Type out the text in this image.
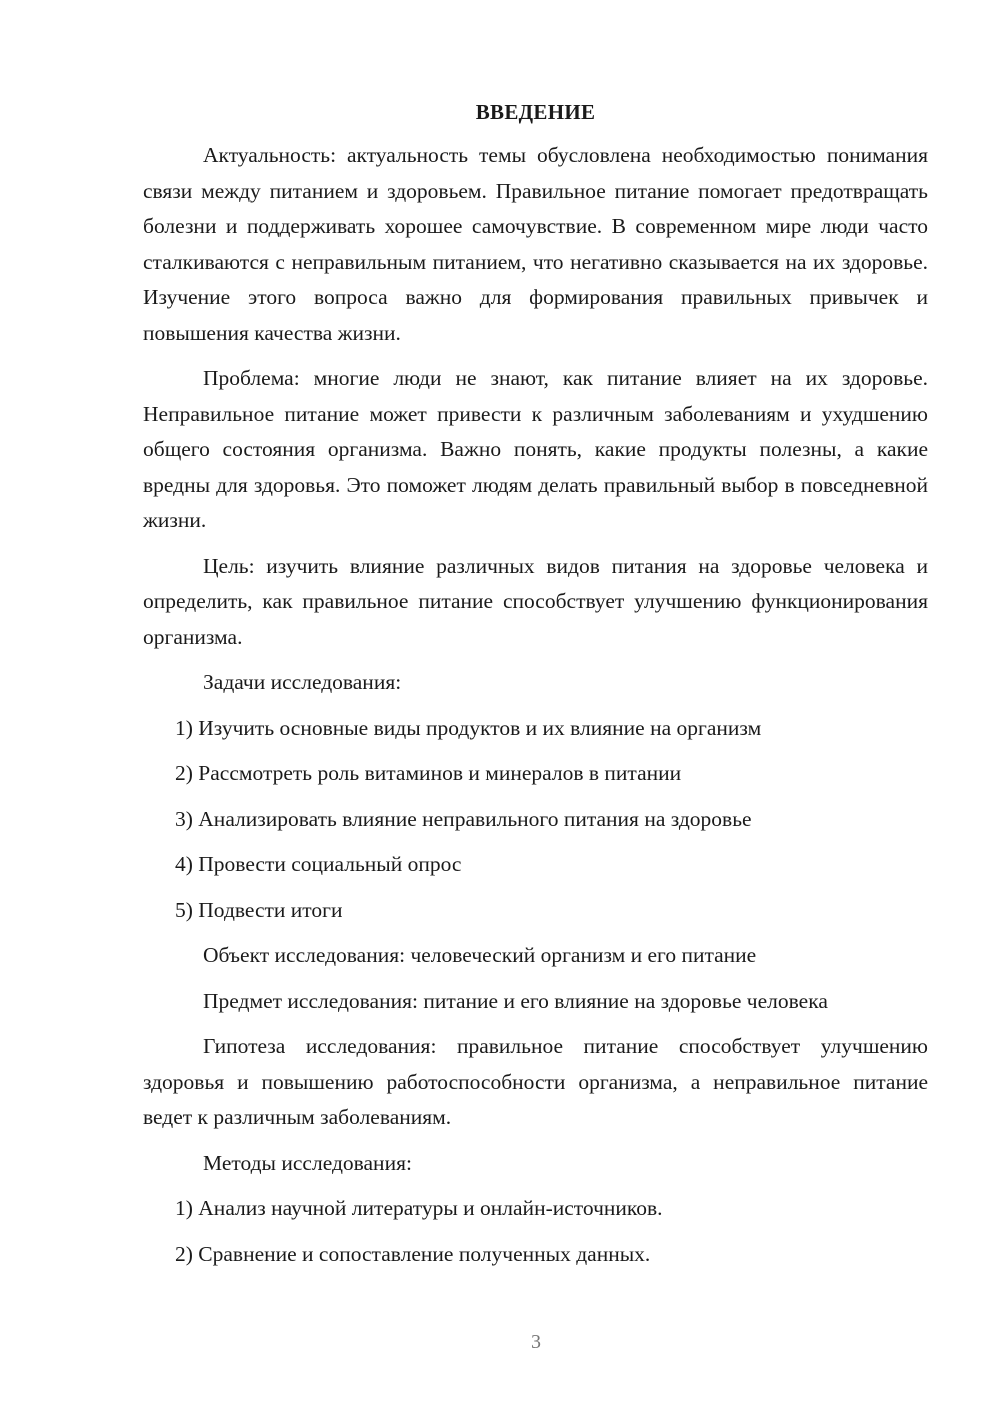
ВВЕДЕНИЕ

Актуальность: актуальность темы обусловлена необходимостью понимания связи между питанием и здоровьем. Правильное питание помогает предотвращать болезни и поддерживать хорошее самочувствие. В современном мире люди часто сталкиваются с неправильным питанием, что негативно сказывается на их здоровье. Изучение этого вопроса важно для формирования правильных привычек и повышения качества жизни.

Проблема: многие люди не знают, как питание влияет на их здоровье. Неправильное питание может привести к различным заболеваниям и ухудшению общего состояния организма. Важно понять, какие продукты полезны, а какие вредны для здоровья. Это поможет людям делать правильный выбор в повседневной жизни.

Цель: изучить влияние различных видов питания на здоровье человека и определить, как правильное питание способствует улучшению функционирования организма.

Задачи исследования:

1) Изучить основные виды продуктов и их влияние на организм

2) Рассмотреть роль витаминов и минералов в питании

3) Анализировать влияние неправильного питания на здоровье

4) Провести социальный опрос

5) Подвести итоги

Объект исследования: человеческий организм и его питание

Предмет исследования: питание и его влияние на здоровье человека

Гипотеза исследования: правильное питание способствует улучшению здоровья и повышению работоспособности организма, а неправильное питание ведет к различным заболеваниям.

Методы исследования:

1) Анализ научной литературы и онлайн-источников.

2) Сравнение и сопоставление полученных данных.

3
